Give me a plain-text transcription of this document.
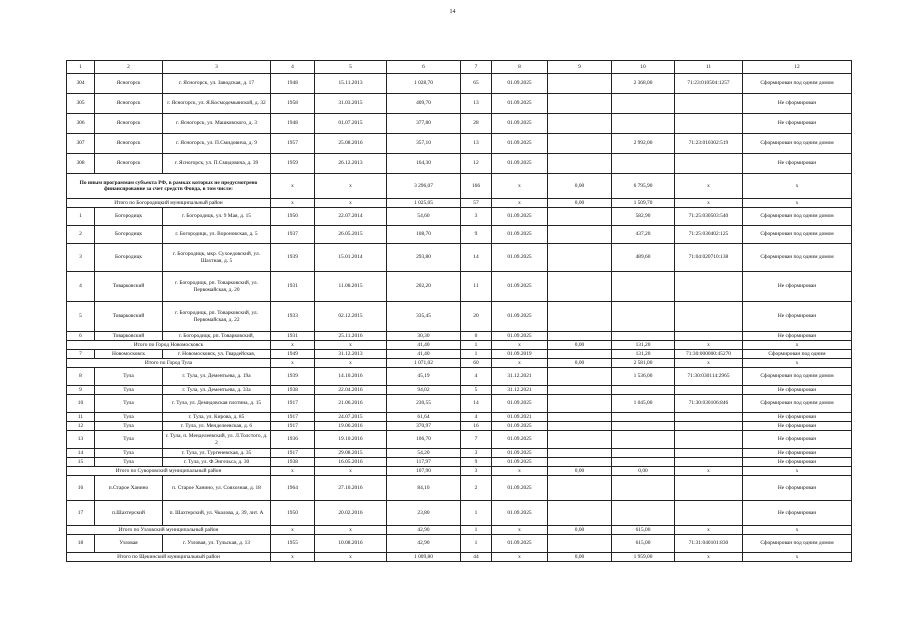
14
1	2	3	4	5	6	7	8	9	10	11	12
304	Ясногорск	г. Ясногорск, ул. Заводская, д. 17	1948	15.11.2013	1 028,70	65	01.09.2025		2 368,00	71:23:010504:1257	Сформирован под одним домом
305	Ясногорск	г. Ясногорск, ул. Я.Космодемьянской, д. 32	1958	31.03.2015	409,70	13	01.09.2025				Не сформирован
306	Ясногорск	г. Ясногорск, ул. Машковского, д. 3	1948	01.07.2015	377,80	28	01.09.2025				Не сформирован
307	Ясногорск	г. Ясногорск, ул. П.Смидовича, д. 9	1957	25.08.2016	357,10	13	01.09.2025		2 992,00	71:23:010302:519	Сформирован под одним домом
308	Ясногорск	г. Ясногорск, ул. П.Смидовича, д. 39	1959	26.12.2013	164,30	12	01.09.2025				Не сформирован
По иным программам субъекта РФ, в рамках которых не предусмотрено финансирование за счет средств Фонда, в том числе:			x	x	3 296,07	166	x	0,00	6 795,90	x	x
Итого по Богородицкий муниципальный район			x	x	1 025,05	57	x	0,00	1 509,70	x	x
1	Богородицк	г. Богородицк, ул. 9 Мая, д. 15	1950	22.07.2014	54,60	3	01.09.2025		582,90	71:25:030503:540	Сформирован под одним домом
2	Богородицк	г. Богородицк, ул. Вороновская, д. 5	1937	26.05.2015	108,70	9	01.09.2025		437,20	71:25:030402:125	Сформирован под одним домом
3	Богородицк	г. Богородицк, мкр. Сухоедовский, ул. Шахтная, д. 5	1939	15.01.2014	293,80	14	01.09.2025		489,60	71:04:020710:138	Сформирован под одним домом
4	Товарковский	г. Богородицк, рп. Товарковский, ул. Первомайская, д. 20	1931	11.08.2015	202,20	11	01.09.2025				Не сформирован
5	Товарковский	г. Богородицк, рп. Товарковский, ул. Первомайская, д. 22	1933	02.12.2015	335,45	20	01.09.2025				Не сформирован
6	Товарковский	г. Богородицк, рп. Товарковский,	1931	25.11.2016	30,30	0	01.09.2025				Не сформирован
Итого по Город Новомосковск			x	x	41,40	1	x	0,00	131,20	x	x
7	Новомосковск	г. Новомосковск, ул. Гвардейская,	1949	31.12.2013	41,40	1	01.09.2019		131,20	71:30:000000:45270	Сформирован под одним
Итого по Город Тула			x	x	1 071,02	60	x	0,00	2 581,00	x	x
8	Тула	г. Тула, ул. Дементьева, д. 19а	1939	14.10.2016	45,19	4	31.12.2021		1 536,00	71:30:030114:2965	Сформирован под одним домом
9	Тула	г. Тула, ул. Дементьева, д. 33а	1938	22.04.2016	94,02	5	31.12.2021				Не сформирован
10	Тула	г. Тула, ул. Демидовская плотина, д. 15	1917	21.06.2016	230,55	14	01.09.2025		1 045,00	71:30:030106:846	Сформирован под одним домом
11	Тула	г. Тула, ул. Кирова, д. 85	1917	24.07.2015	61,64	4	01.09.2021				Не сформирован
12	Тула	г. Тула, ул. Менделеевская, д. 6	1917	19.06.2016	370,97	16	01.09.2025				Не сформирован
13	Тула	г. Тула, п. Менделеевский, ул. Л.Толстого, д. 2	1936	19.10.2016	106,70	7	01.09.2025				Не сформирован
14	Тула	г. Тула, ул. Тургеневская, д. 35	1917	29.08.2015	54,20	3	01.09.2025				Не сформирован
15	Тула	г. Тула, ул. Ф.Энгельса, д. 30	1938	16.05.2016	117,97	9	01.09.2025				Не сформирован
Итого по Суворовский муниципальный район			x	x	107,90	3	x	0,00	0,00	x	x
16	п.Старое Ханино	п. Старое Ханино, ул. Совхозная, д. 18	1964	27.10.2016	84,10	2	01.09.2025				Не сформирован
17	п.Шахтерский	п. Шахтерский, ул. Чкалова, д. 39, лит. А	1950	20.02.2016	23,80	1	01.09.2025				Не сформирован
Итого по Узловский муниципальный район			x	x	42,90	1	x	0,00	615,00	x	x
18	Узловая	г. Узловая, ул. Тульская, д. 13	1955	10.08.2016	42,90	1	01.09.2025		615,00	71:31:040101:830	Сформирован под одним домом
Итого по Щекинский муниципальный район			x	x	1 009,80	44	x	0,00	1 959,00	x	x
